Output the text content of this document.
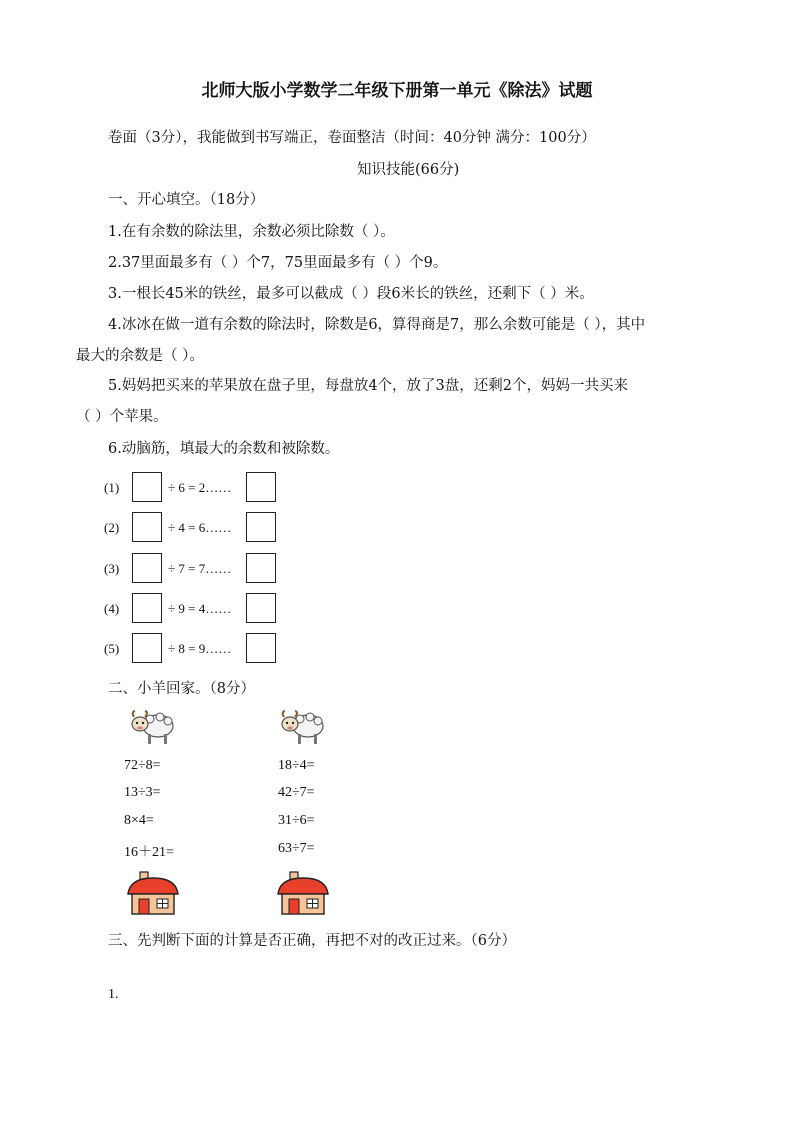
北师大版小学数学二年级下册第一单元《除法》试题
卷面（3分），我能做到书写端正，卷面整洁（时间：40分钟 满分：100分）
知识技能(66分)
一、开心填空。（18分）
1.在有余数的除法里，余数必须比除数（ ）。
2.37里面最多有（ ）个7，75里面最多有（ ）个9。
3.一根长45米的铁丝，最多可以截成（ ）段6米长的铁丝，还剩下（ ）米。
4.冰冰在做一道有余数的除法时，除数是6，算得商是7，那么余数可能是（ ），其中
最大的余数是（ ）。
5.妈妈把买来的苹果放在盘子里，每盘放4个，放了3盘，还剩2个，妈妈一共买来
（ ）个苹果。
6.动脑筋，填最大的余数和被除数。
(1)	÷ 6 = 2……
(2)	÷ 4 = 6……
(3)	÷ 7 = 7……
(4)	÷ 9 = 4……
(5)	÷ 8 = 9……
二、小羊回家。（8分）
72÷8=
13÷3=
8×4=
16＋21=
18÷4=
42÷7=
31÷6=
63÷7=
三、先判断下面的计算是否正确，再把不对的改正过来。（6分）
1.
